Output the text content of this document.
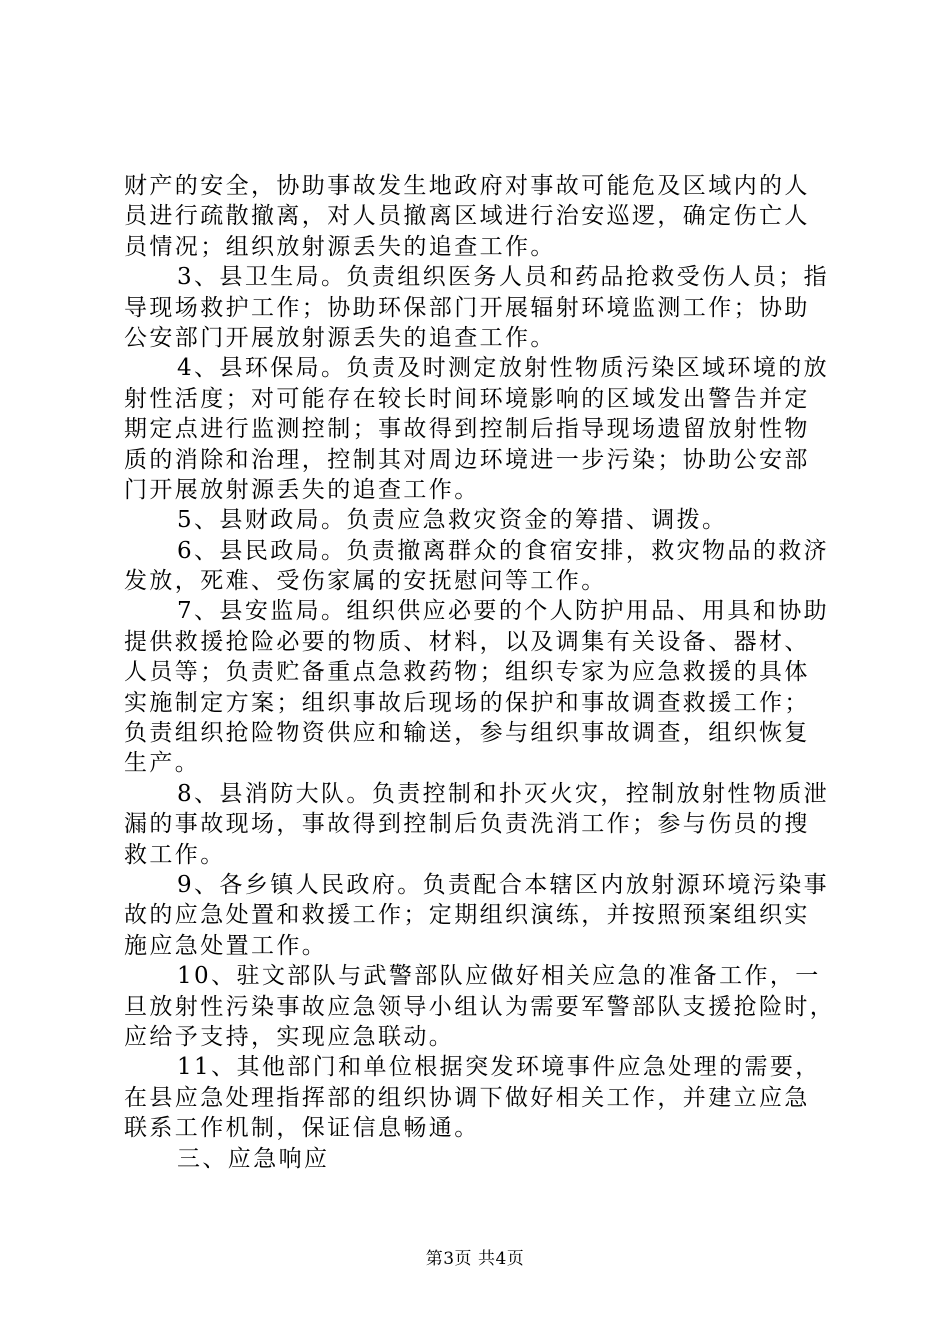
财产的安全，协助事故发生地政府对事故可能危及区域内的人
员进行疏散撤离，对人员撤离区域进行治安巡逻，确定伤亡人
员情况；组织放射源丢失的追查工作。
3、县卫生局。负责组织医务人员和药品抢救受伤人员；指
导现场救护工作；协助环保部门开展辐射环境监测工作；协助
公安部门开展放射源丢失的追查工作。
4、县环保局。负责及时测定放射性物质污染区域环境的放
射性活度；对可能存在较长时间环境影响的区域发出警告并定
期定点进行监测控制；事故得到控制后指导现场遗留放射性物
质的消除和治理，控制其对周边环境进一步污染；协助公安部
门开展放射源丢失的追查工作。
5、县财政局。负责应急救灾资金的筹措、调拨。
6、县民政局。负责撤离群众的食宿安排，救灾物品的救济
发放，死难、受伤家属的安抚慰问等工作。
7、县安监局。组织供应必要的个人防护用品、用具和协助
提供救援抢险必要的物质、材料，以及调集有关设备、器材、
人员等；负责贮备重点急救药物；组织专家为应急救援的具体
实施制定方案；组织事故后现场的保护和事故调查救援工作；
负责组织抢险物资供应和输送，参与组织事故调查，组织恢复
生产。
8、县消防大队。负责控制和扑灭火灾，控制放射性物质泄
漏的事故现场，事故得到控制后负责洗消工作；参与伤员的搜
救工作。
9、各乡镇人民政府。负责配合本辖区内放射源环境污染事
故的应急处置和救援工作；定期组织演练，并按照预案组织实
施应急处置工作。
10、驻文部队与武警部队应做好相关应急的准备工作，一
旦放射性污染事故应急领导小组认为需要军警部队支援抢险时，
应给予支持，实现应急联动。
11、其他部门和单位根据突发环境事件应急处理的需要，
在县应急处理指挥部的组织协调下做好相关工作，并建立应急
联系工作机制，保证信息畅通。
三、应急响应
第3页 共4页
